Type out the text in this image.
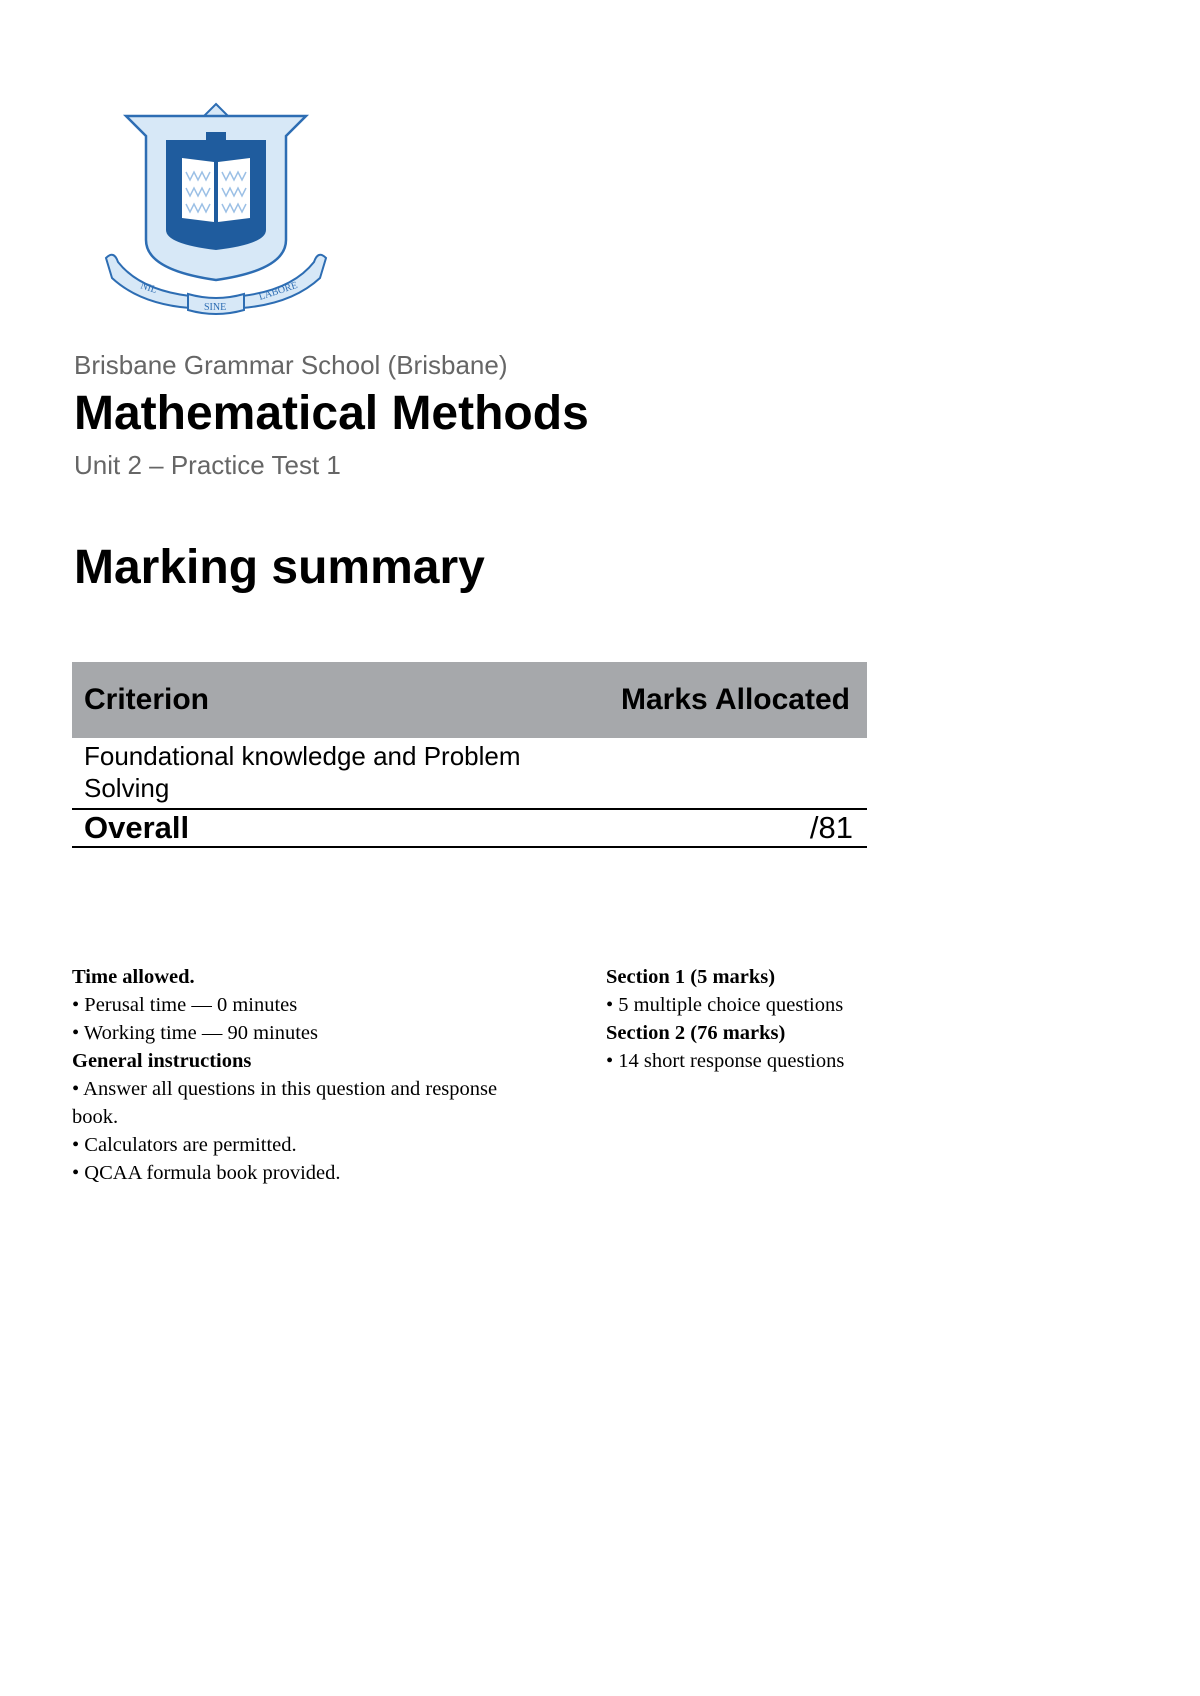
NIL
SINE
LABORE
Brisbane Grammar School (Brisbane)
Mathematical Methods
Unit 2 – Practice Test 1
Marking summary
Criterion	Marks Allocated
Foundational knowledge and Problem Solving	
Overall	/81
Time allowed.
• Perusal time — 0 minutes
• Working time — 90 minutes
General instructions
• Answer all questions in this question and response book.
• Calculators are permitted.
• QCAA formula book provided.
Section 1 (5 marks)
• 5 multiple choice questions
Section 2 (76 marks)
• 14 short response questions
